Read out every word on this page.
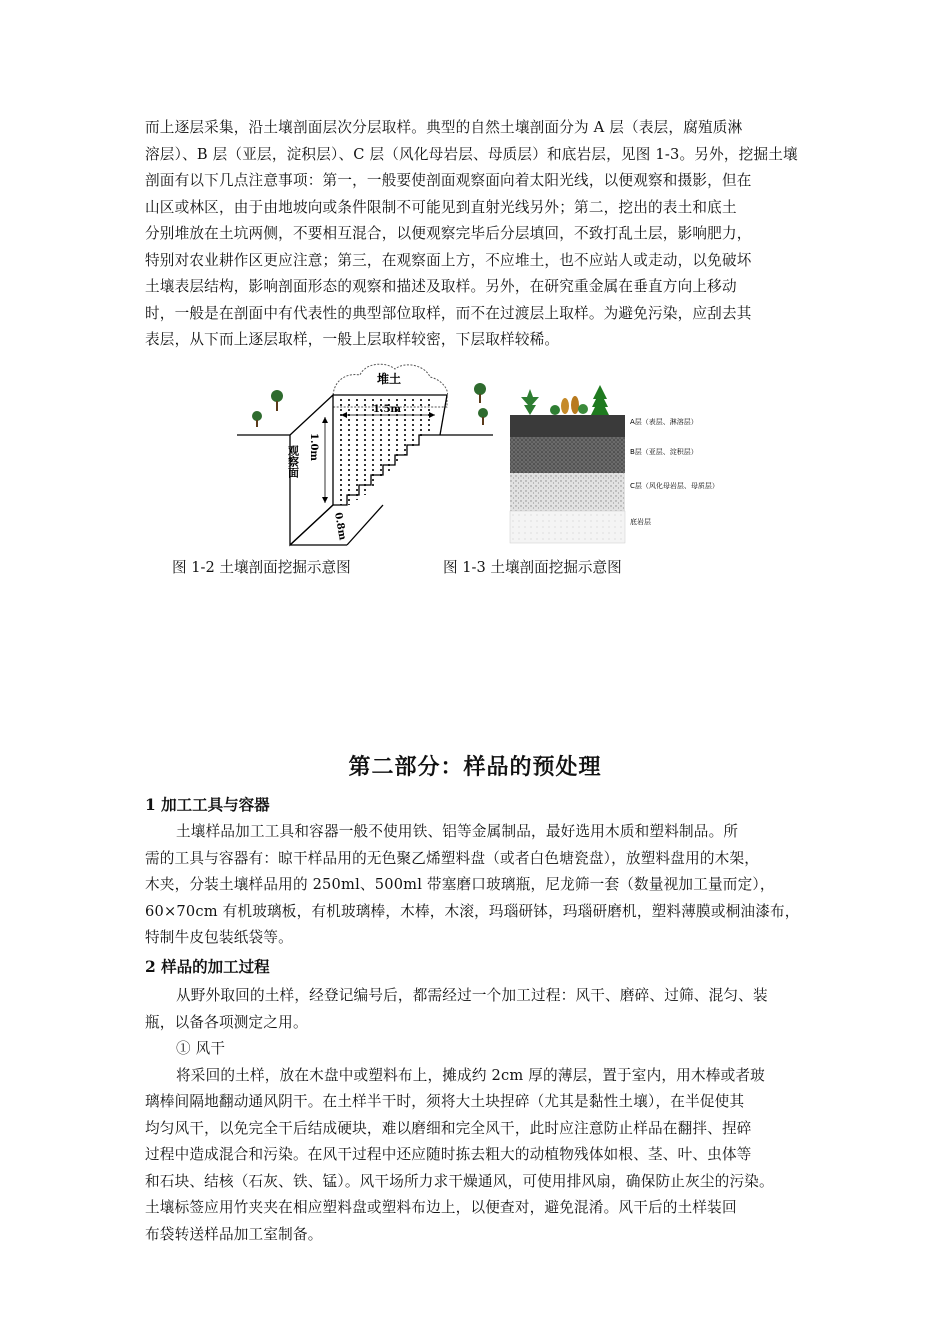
而上逐层采集，沿土壤剖面层次分层取样。典型的自然土壤剖面分为 A 层（表层，腐殖质淋
溶层）、B 层（亚层，淀积层）、C 层（风化母岩层、母质层）和底岩层，见图 1-3。另外，挖掘土壤
剖面有以下几点注意事项：第一，一般要使剖面观察面向着太阳光线，以便观察和摄影，但在
山区或林区，由于由地坡向或条件限制不可能见到直射光线另外；第二，挖出的表土和底土
分别堆放在土坑两侧，不要相互混合，以便观察完毕后分层填回，不致打乱土层，影响肥力，
特别对农业耕作区更应注意；第三，在观察面上方，不应堆土，也不应站人或走动，以免破坏
土壤表层结构，影响剖面形态的观察和描述及取样。另外，在研究重金属在垂直方向上移动
时，一般是在剖面中有代表性的典型部位取样，而不在过渡层上取样。为避免污染，应刮去其
表层，从下而上逐层取样，一般上层取样较密，下层取样较稀。
堆土
1.5m
1.0m
观察面
0.8m
A层（表层、淋溶层）
B层（亚层、淀积层）
C层（风化母岩层、母质层）
底岩层
图 1-2 土壤剖面挖掘示意图	图 1-3 土壤剖面挖掘示意图
第二部分：样品的预处理
1 加工工具与容器
土壤样品加工工具和容器一般不使用铁、铝等金属制品，最好选用木质和塑料制品。所
需的工具与容器有：晾干样品用的无色聚乙烯塑料盘（或者白色塘瓷盘），放塑料盘用的木架，
木夹，分装土壤样品用的 250ml、500ml 带塞磨口玻璃瓶，尼龙筛一套（数量视加工量而定），
60×70cm 有机玻璃板，有机玻璃棒，木棒，木滚，玛瑙研钵，玛瑙研磨机，塑料薄膜或桐油漆布，
特制牛皮包装纸袋等。
2 样品的加工过程
从野外取回的土样，经登记编号后，都需经过一个加工过程：风干、磨碎、过筛、混匀、装
瓶，以备各项测定之用。
① 风干
将采回的土样，放在木盘中或塑料布上，摊成约 2cm 厚的薄层，置于室内，用木棒或者玻
璃棒间隔地翻动通风阴干。在土样半干时，须将大土块捏碎（尤其是黏性土壤），在半促使其
均匀风干，以免完全干后结成硬块，难以磨细和完全风干，此时应注意防止样品在翻拌、捏碎
过程中造成混合和污染。在风干过程中还应随时拣去粗大的动植物残体如根、茎、叶、虫体等
和石块、结核（石灰、铁、锰）。风干场所力求干燥通风，可使用排风扇，确保防止灰尘的污染。
土壤标签应用竹夹夹在相应塑料盘或塑料布边上，以便查对，避免混淆。风干后的土样装回
布袋转送样品加工室制备。
